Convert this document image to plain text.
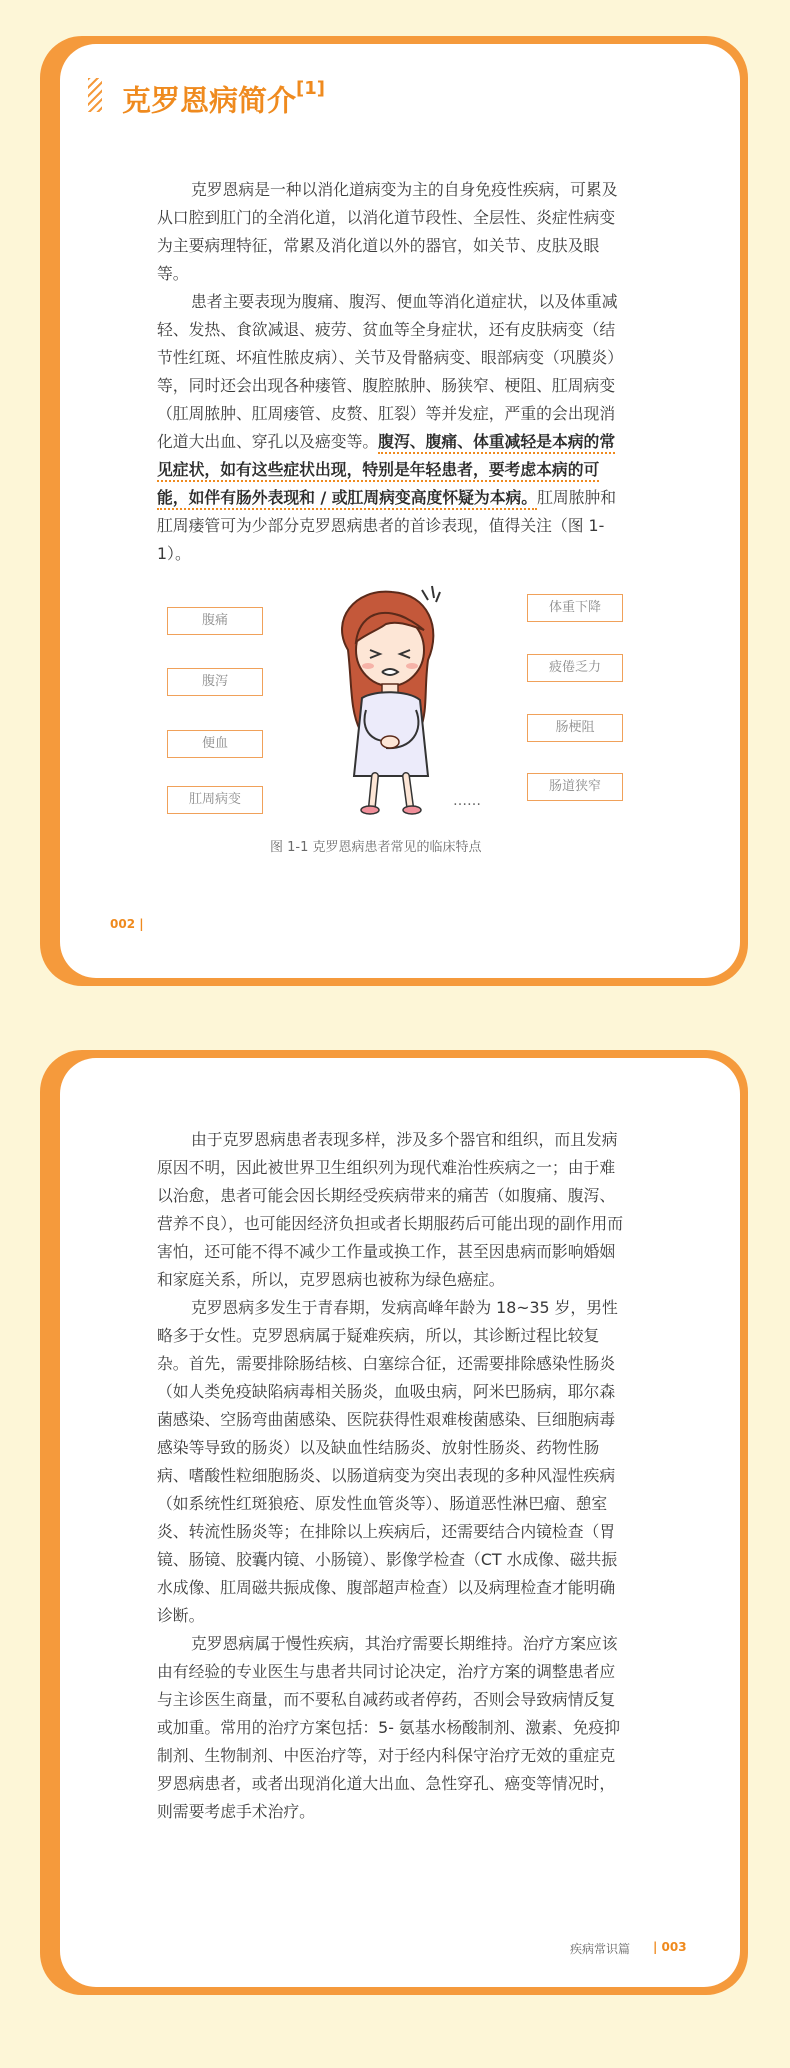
克罗恩病简介[1]

克罗恩病是一种以消化道病变为主的自身免疫性疾病，可累及从口腔到肛门的全消化道，以消化道节段性、全层性、炎症性病变为主要病理特征，常累及消化道以外的器官，如关节、皮肤及眼等。

患者主要表现为腹痛、腹泻、便血等消化道症状，以及体重减轻、发热、食欲减退、疲劳、贫血等全身症状，还有皮肤病变（结节性红斑、坏疽性脓皮病）、关节及骨骼病变、眼部病变（巩膜炎）等，同时还会出现各种瘘管、腹腔脓肿、肠狭窄、梗阻、肛周病变（肛周脓肿、肛周瘘管、皮赘、肛裂）等并发症，严重的会出现消化道大出血、穿孔以及癌变等。腹泻、腹痛、体重减轻是本病的常见症状，如有这些症状出现，特别是年轻患者，要考虑本病的可能，如伴有肠外表现和 / 或肛周病变高度怀疑为本病。肛周脓肿和肛周瘘管可为少部分克罗恩病患者的首诊表现，值得关注（图 1-1）。

腹痛
腹泻
便血
肛周病变
体重下降
疲倦乏力
肠梗阻
肠道狭窄
……
图 1-1 克罗恩病患者常见的临床特点
002 |

由于克罗恩病患者表现多样，涉及多个器官和组织，而且发病原因不明，因此被世界卫生组织列为现代难治性疾病之一；由于难以治愈，患者可能会因长期经受疾病带来的痛苦（如腹痛、腹泻、营养不良），也可能因经济负担或者长期服药后可能出现的副作用而害怕，还可能不得不减少工作量或换工作，甚至因患病而影响婚姻和家庭关系，所以，克罗恩病也被称为绿色癌症。

克罗恩病多发生于青春期，发病高峰年龄为 18~35 岁，男性略多于女性。克罗恩病属于疑难疾病，所以，其诊断过程比较复杂。首先，需要排除肠结核、白塞综合征，还需要排除感染性肠炎（如人类免疫缺陷病毒相关肠炎，血吸虫病，阿米巴肠病，耶尔森菌感染、空肠弯曲菌感染、医院获得性艰难梭菌感染、巨细胞病毒感染等导致的肠炎）以及缺血性结肠炎、放射性肠炎、药物性肠病、嗜酸性粒细胞肠炎、以肠道病变为突出表现的多种风湿性疾病（如系统性红斑狼疮、原发性血管炎等）、肠道恶性淋巴瘤、憩室炎、转流性肠炎等；在排除以上疾病后，还需要结合内镜检查（胃镜、肠镜、胶囊内镜、小肠镜）、影像学检查（CT 水成像、磁共振水成像、肛周磁共振成像、腹部超声检查）以及病理检查才能明确诊断。

克罗恩病属于慢性疾病，其治疗需要长期维持。治疗方案应该由有经验的专业医生与患者共同讨论决定，治疗方案的调整患者应与主诊医生商量，而不要私自减药或者停药，否则会导致病情反复或加重。常用的治疗方案包括：5- 氨基水杨酸制剂、激素、免疫抑制剂、生物制剂、中医治疗等，对于经内科保守治疗无效的重症克罗恩病患者，或者出现消化道大出血、急性穿孔、癌变等情况时，则需要考虑手术治疗。

疾病常识篇 | 003
